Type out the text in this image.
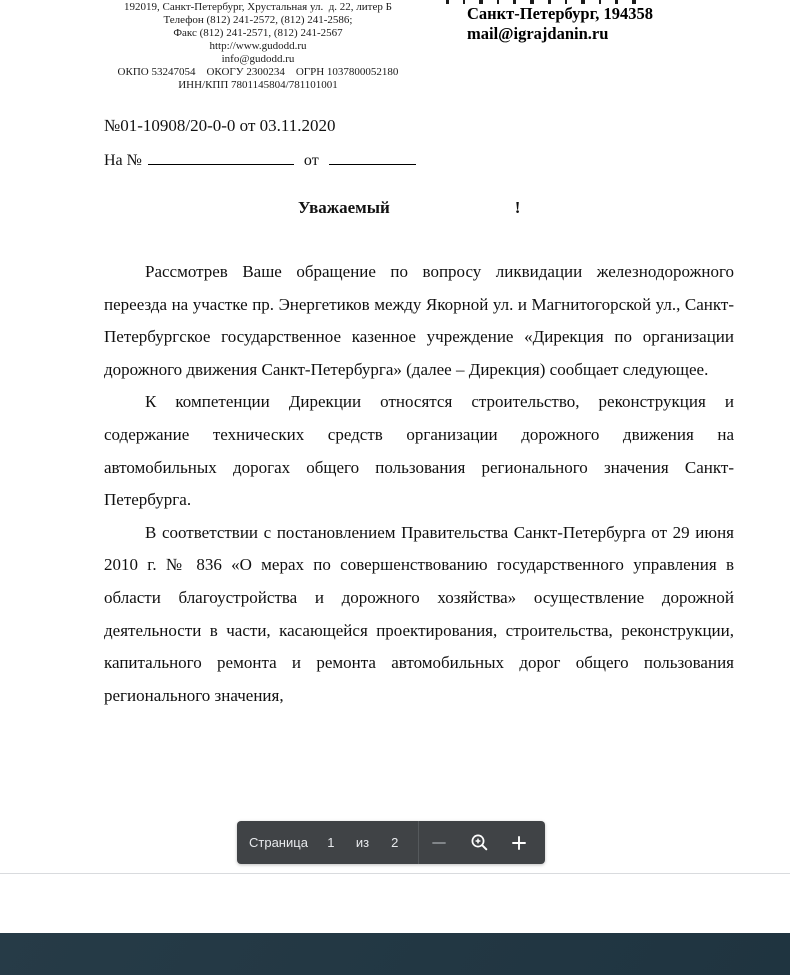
192019, Санкт-Петербург, Хрустальная ул.  д. 22, литер Б
Телефон (812) 241-2572, (812) 241-2586;
Факс (812) 241-2571, (812) 241-2567
http://www.gudodd.ru
info@gudodd.ru
ОКПО 53247054    ОКОГУ 2300234    ОГРН 1037800052180
ИНН/КПП 7801145804/781101001
Санкт-Петербург, 194358
mail@igrajdanin.ru
№01-10908/20-0-0 от 03.11.2020
На №	от
Уважаемый	!

Рассмотрев Ваше обращение по вопросу ликвидации железнодорожного переезда на участке пр. Энергетиков между Якорной ул. и Магнитогорской ул., Санкт-Петербургское государственное казенное учреждение «Дирекция по организации дорожного движения Санкт-Петербурга» (далее – Дирекция) сообщает следующее.

К компетенции Дирекции относятся строительство, реконструкция и содержание технических средств организации дорожного движения на автомобильных дорогах общего пользования регионального значения Санкт-Петербурга.

В соответствии с постановлением Правительства Санкт-Петербурга от 29 июня 2010 г. № 836 «О мерах по совершенствованию государственного управления в области благоустройства и дорожного хозяйства» осуществление дорожной деятельности в части, касающейся проектирования, строительства, реконструкции, капитального ремонта и ремонта автомобильных дорог общего пользования регионального значения,

Страница 1 из 2
